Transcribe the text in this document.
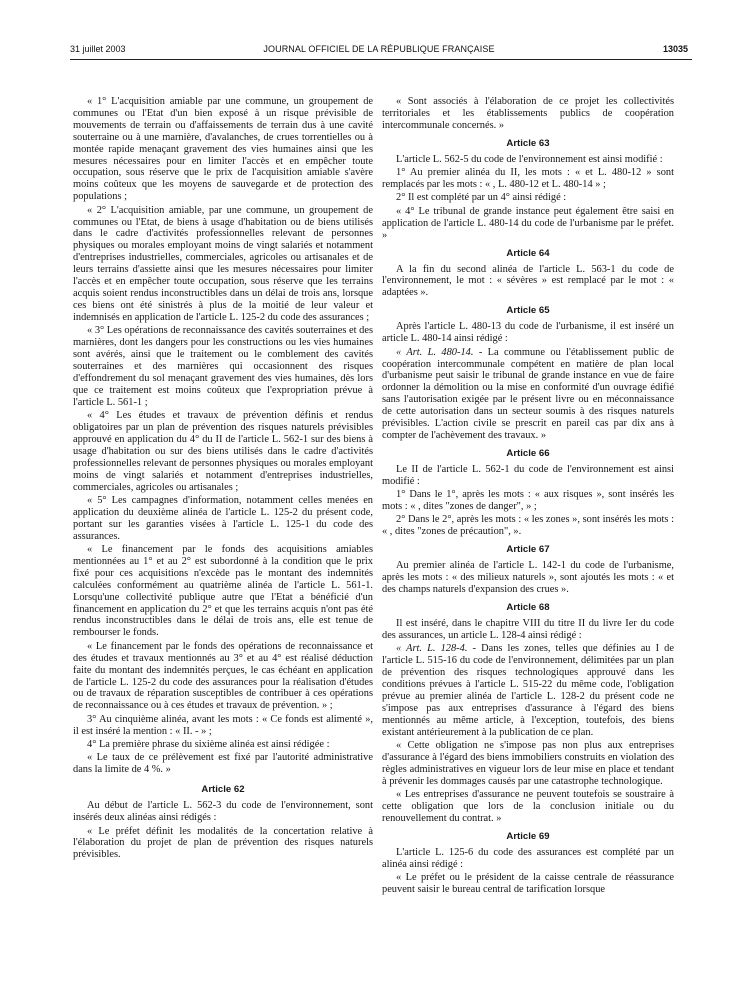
31 juillet 2003	JOURNAL OFFICIEL DE LA RÉPUBLIQUE FRANÇAISE	13035

« 1° L'acquisition amiable par une commune, un groupement de communes ou l'Etat d'un bien exposé à un risque prévisible de mouvements de terrain ou d'affaissements de terrain dus à une cavité souterraine ou à une marnière, d'avalanches, de crues torrentielles ou à montée rapide menaçant gravement des vies humaines ainsi que les mesures nécessaires pour en limiter l'accès et en empêcher toute occupation, sous réserve que le prix de l'acquisition amiable s'avère moins coûteux que les moyens de sauvegarde et de protection des populations ;

« 2° L'acquisition amiable, par une commune, un groupement de communes ou l'Etat, de biens à usage d'habitation ou de biens utilisés dans le cadre d'activités professionnelles relevant de personnes physiques ou morales employant moins de vingt salariés et notamment d'entreprises industrielles, commerciales, agricoles ou artisanales et de leurs terrains d'assiette ainsi que les mesures nécessaires pour limiter l'accès et en empêcher toute occupation, sous réserve que les terrains acquis soient rendus inconstructibles dans un délai de trois ans, lorsque ces biens ont été sinistrés à plus de la moitié de leur valeur et indemnisés en application de l'article L. 125-2 du code des assurances ;

« 3° Les opérations de reconnaissance des cavités souterraines et des marnières, dont les dangers pour les constructions ou les vies humaines sont avérés, ainsi que le traitement ou le comblement des cavités souterraines et des marnières qui occasionnent des risques d'effondrement du sol menaçant gravement des vies humaines, dès lors que ce traitement est moins coûteux que l'expropriation prévue à l'article L. 561-1 ;

« 4° Les études et travaux de prévention définis et rendus obligatoires par un plan de prévention des risques naturels prévisibles approuvé en application du 4° du II de l'article L. 562-1 sur des biens à usage d'habitation ou sur des biens utilisés dans le cadre d'activités professionnelles relevant de personnes physiques ou morales employant moins de vingt salariés et notamment d'entreprises industrielles, commerciales, agricoles ou artisanales ;

« 5° Les campagnes d'information, notamment celles menées en application du deuxième alinéa de l'article L. 125-2 du présent code, portant sur les garanties visées à l'article L. 125-1 du code des assurances.

« Le financement par le fonds des acquisitions amiables mentionnées au 1° et au 2° est subordonné à la condition que le prix fixé pour ces acquisitions n'excède pas le montant des indemnités calculées conformément au quatrième alinéa de l'article L. 561-1. Lorsqu'une collectivité publique autre que l'Etat a bénéficié d'un financement en application du 2° et que les terrains acquis n'ont pas été rendus inconstructibles dans le délai de trois ans, elle est tenue de rembourser le fonds.

« Le financement par le fonds des opérations de reconnaissance et des études et travaux mentionnés au 3° et au 4° est réalisé déduction faite du montant des indemnités perçues, le cas échéant en application de l'article L. 125-2 du code des assurances pour la réalisation d'études ou de travaux de réparation susceptibles de contribuer à ces opérations de reconnaissance ou à ces études et travaux de prévention. » ;

3° Au cinquième alinéa, avant les mots : « Ce fonds est alimenté », il est inséré la mention : « II. - » ;

4° La première phrase du sixième alinéa est ainsi rédigée :

« Le taux de ce prélèvement est fixé par l'autorité administrative dans la limite de 4 %. »

Article 62

Au début de l'article L. 562-3 du code de l'environnement, sont insérés deux alinéas ainsi rédigés :

« Le préfet définit les modalités de la concertation relative à l'élaboration du projet de plan de prévention des risques naturels prévisibles.

« Sont associés à l'élaboration de ce projet les collectivités territoriales et les établissements publics de coopération intercommunale concernés. »

Article 63

L'article L. 562-5 du code de l'environnement est ainsi modifié :

1° Au premier alinéa du II, les mots : « et L. 480-12 » sont remplacés par les mots : « , L. 480-12 et L. 480-14 » ;

2° Il est complété par un 4° ainsi rédigé :

« 4° Le tribunal de grande instance peut également être saisi en application de l'article L. 480-14 du code de l'urbanisme par le préfet. »

Article 64

A la fin du second alinéa de l'article L. 563-1 du code de l'environnement, le mot : « sévères » est remplacé par le mot : « adaptées ».

Article 65

Après l'article L. 480-13 du code de l'urbanisme, il est inséré un article L. 480-14 ainsi rédigé :

« Art. L. 480-14. - La commune ou l'établissement public de coopération intercommunale compétent en matière de plan local d'urbanisme peut saisir le tribunal de grande instance en vue de faire ordonner la démolition ou la mise en conformité d'un ouvrage édifié sans l'autorisation exigée par le présent livre ou en méconnaissance de cette autorisation dans un secteur soumis à des risques naturels prévisibles. L'action civile se prescrit en pareil cas par dix ans à compter de l'achèvement des travaux. »

Article 66

Le II de l'article L. 562-1 du code de l'environnement est ainsi modifié :

1° Dans le 1°, après les mots : « aux risques », sont insérés les mots : « , dites "zones de danger", » ;

2° Dans le 2°, après les mots : « les zones », sont insérés les mots : « , dites "zones de précaution", ».

Article 67

Au premier alinéa de l'article L. 142-1 du code de l'urbanisme, après les mots : « des milieux naturels », sont ajoutés les mots : « et des champs naturels d'expansion des crues ».

Article 68

Il est inséré, dans le chapitre VIII du titre II du livre Ier du code des assurances, un article L. 128-4 ainsi rédigé :

« Art. L. 128-4. - Dans les zones, telles que définies au I de l'article L. 515-16 du code de l'environnement, délimitées par un plan de prévention des risques technologiques approuvé dans les conditions prévues à l'article L. 515-22 du même code, l'obligation prévue au premier alinéa de l'article L. 128-2 du présent code ne s'impose pas aux entreprises d'assurance à l'égard des biens mentionnés au même article, à l'exception, toutefois, des biens existant antérieurement à la publication de ce plan.

« Cette obligation ne s'impose pas non plus aux entreprises d'assurance à l'égard des biens immobiliers construits en violation des règles administratives en vigueur lors de leur mise en place et tendant à prévenir les dommages causés par une catastrophe technologique.

« Les entreprises d'assurance ne peuvent toutefois se soustraire à cette obligation que lors de la conclusion initiale ou du renouvellement du contrat. »

Article 69

L'article L. 125-6 du code des assurances est complété par un alinéa ainsi rédigé :

« Le préfet ou le président de la caisse centrale de réassurance peuvent saisir le bureau central de tarification lorsque
